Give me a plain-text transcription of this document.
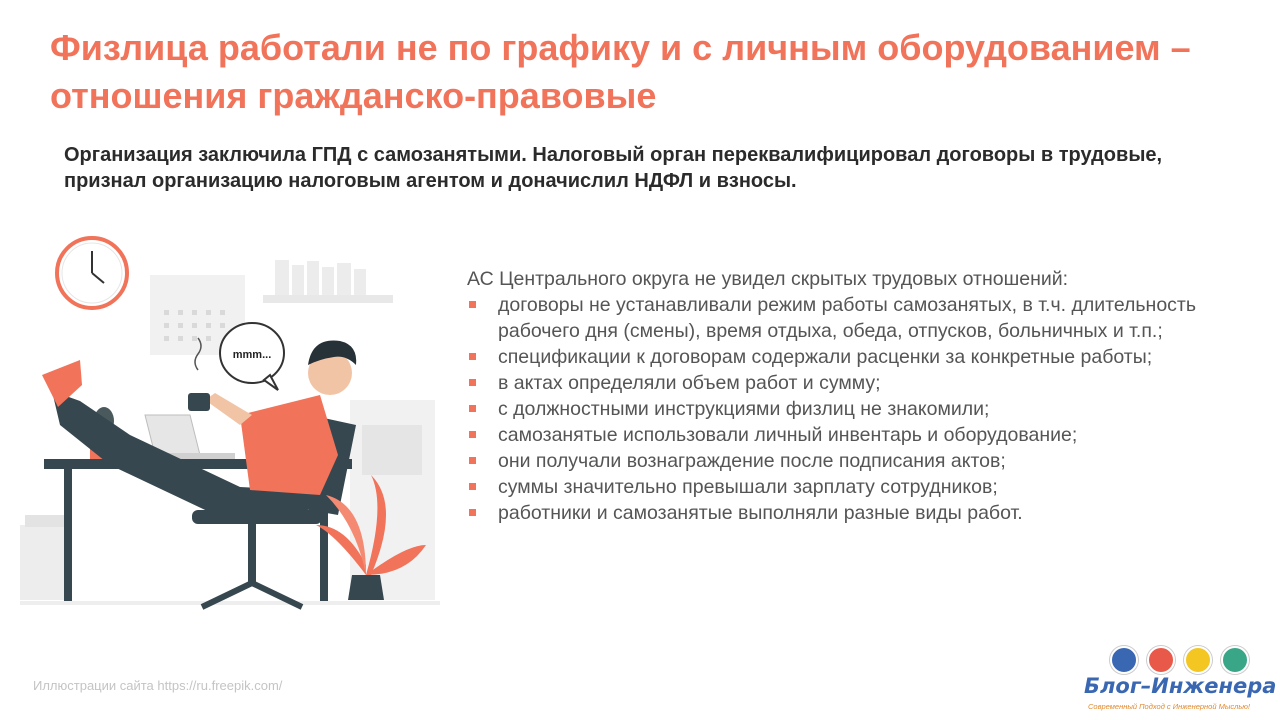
Физлица работали не по графику и с личным оборудованием – отношения гражданско-правовые
Организация заключила ГПД с самозанятыми. Налоговый орган переквалифицировал договоры в трудовые, признал организацию налоговым агентом и доначислил НДФЛ и взносы.
mmm...
АС Центрального округа не увидел скрытых трудовых отношений:
договоры не устанавливали режим работы самозанятых, в т.ч. длительность рабочего дня (смены), время отдыха, обеда, отпусков, больничных и т.п.;
спецификации к договорам содержали расценки за конкретные работы;
в актах определяли объем работ и сумму;
с должностными инструкциями физлиц не знакомили;
самозанятые использовали личный инвентарь и оборудование;
они получали вознаграждение после подписания актов;
суммы значительно превышали зарплату сотрудников;
работники и самозанятые выполняли разные виды работ.
Иллюстрации сайта https://ru.freepik.com/	Блог–Инженера
Современный Подход с Инженерной Мыслью!
